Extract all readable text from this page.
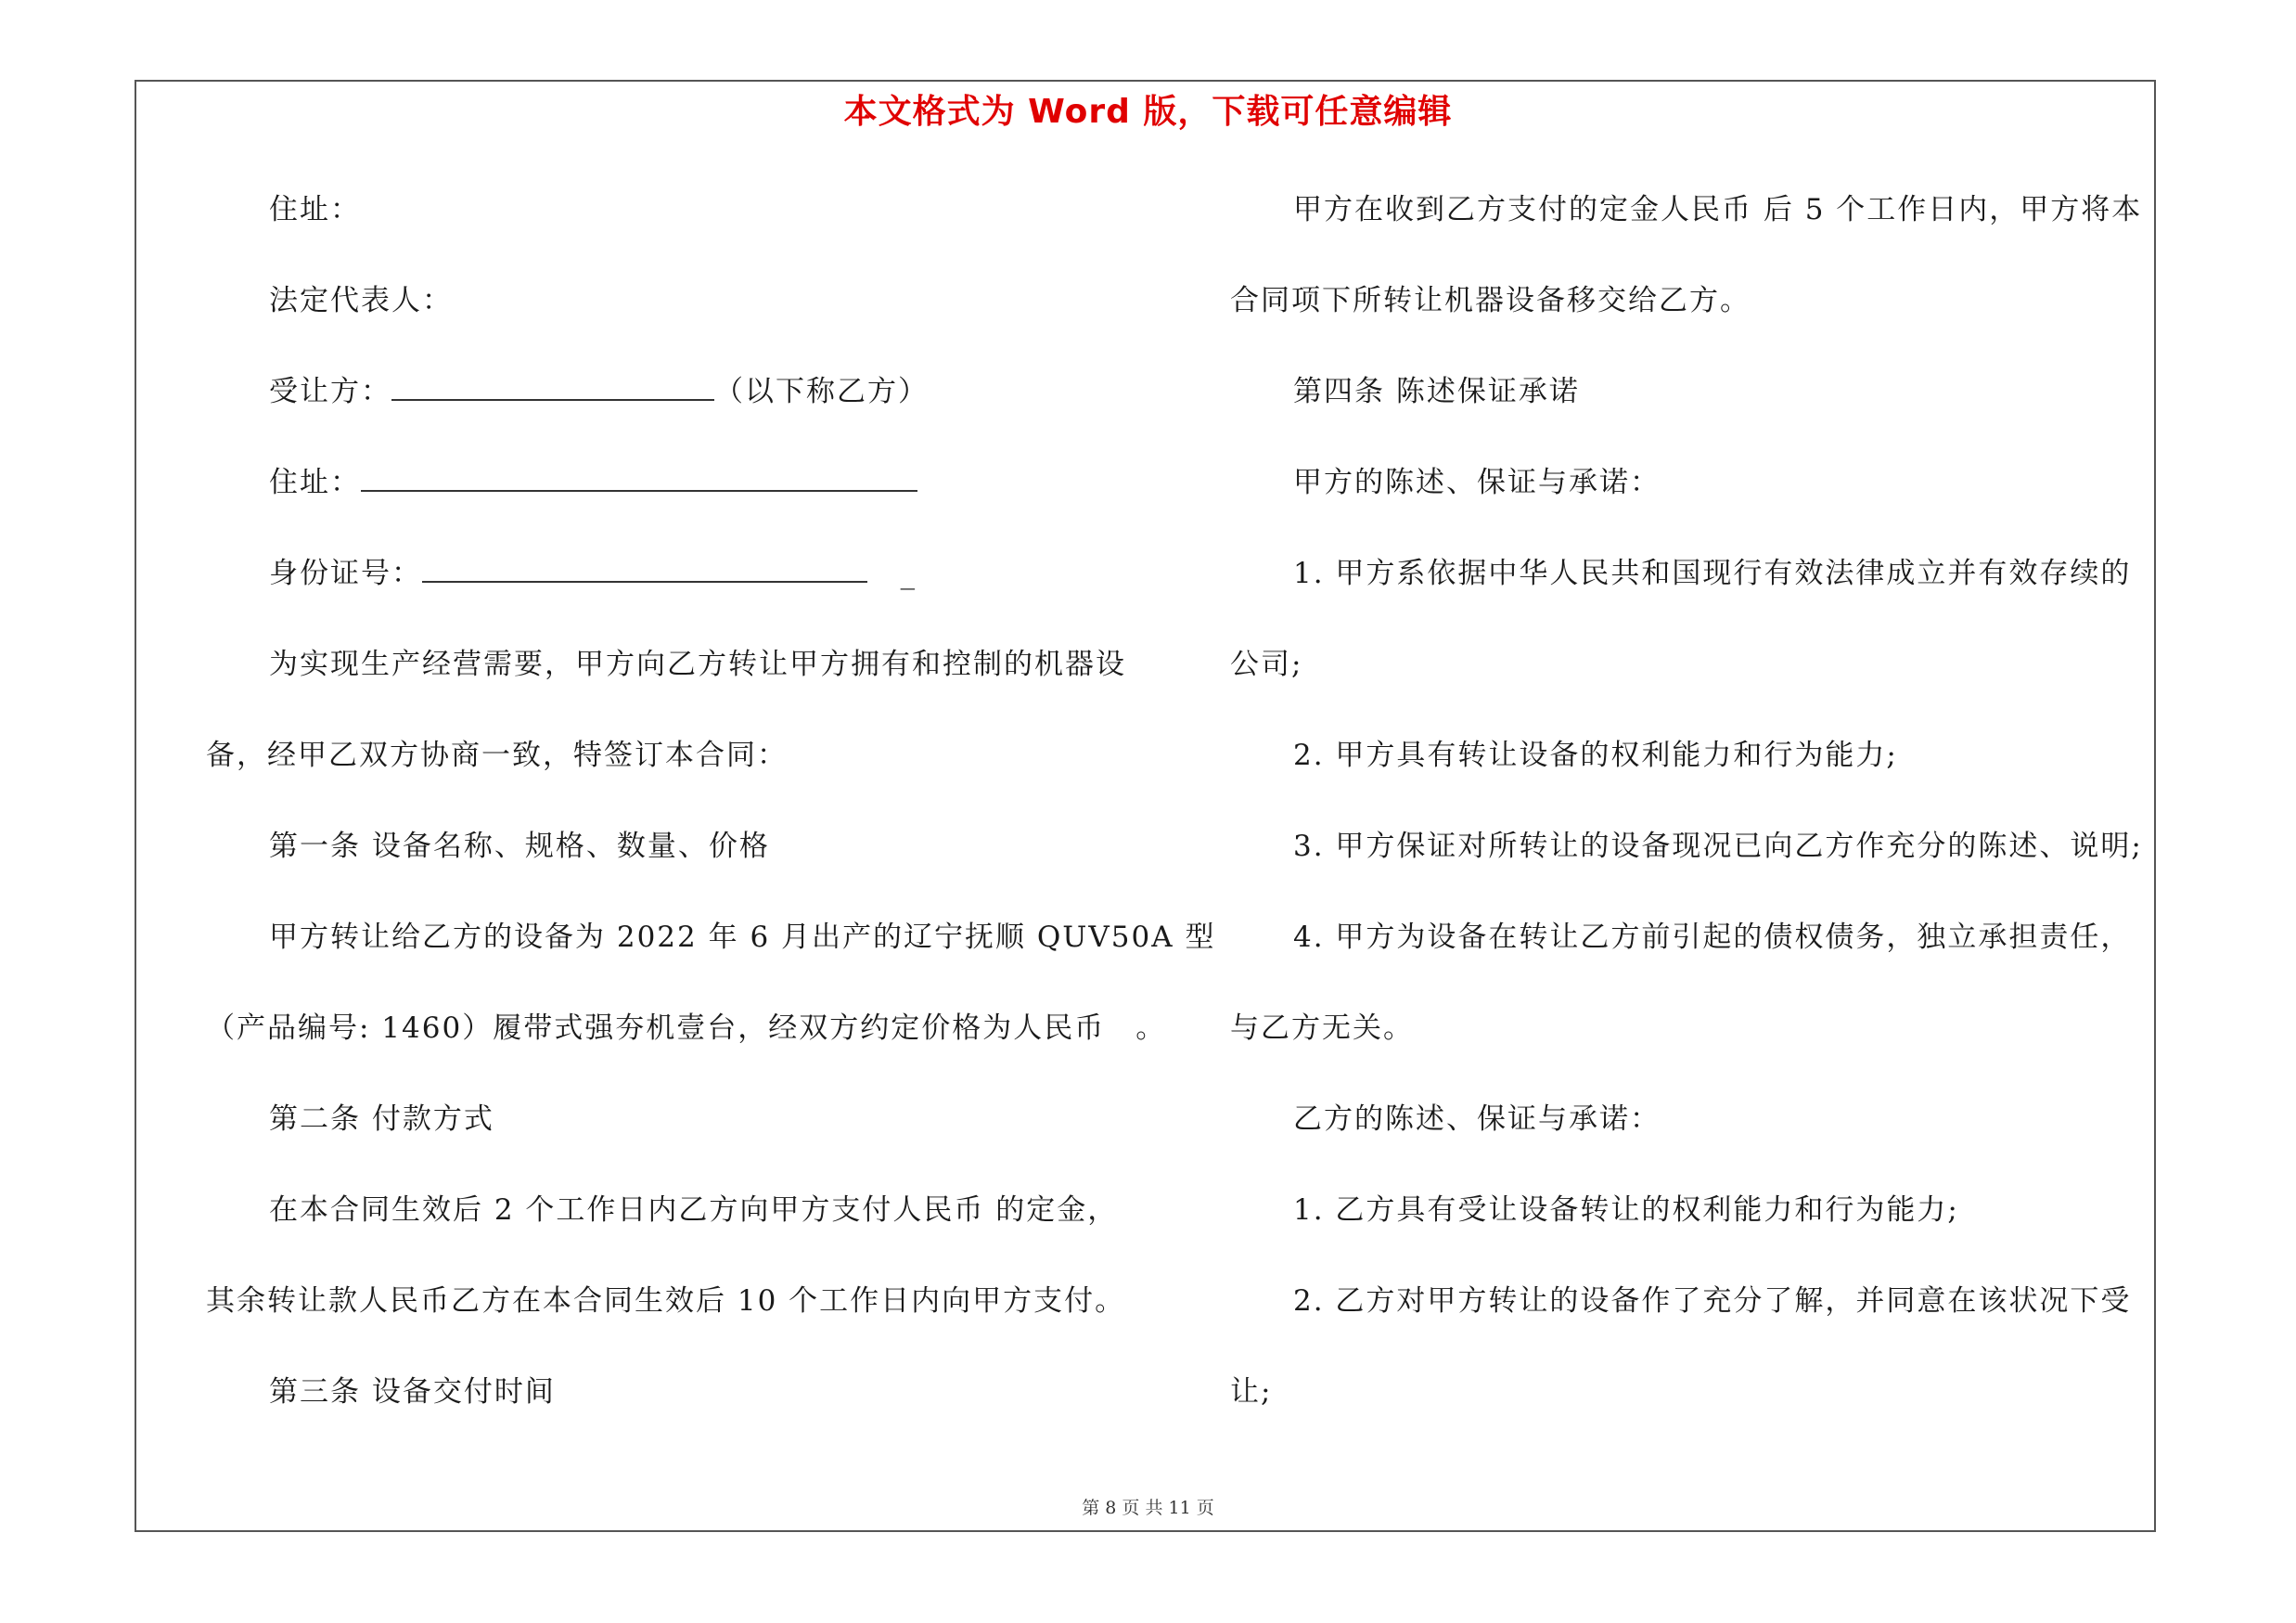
本文格式为 Word 版，下载可任意编辑
住址：
法定代表人：
受让方：	（以下称乙方）
住址：
身份证号：	_
为实现生产经营需要，甲方向乙方转让甲方拥有和控制的机器设
备，经甲乙双方协商一致，特签订本合同：
第一条 设备名称、规格、数量、价格
甲方转让给乙方的设备为 2022 年 6 月出产的辽宁抚顺 QUV50A 型
（产品编号: 1460）履带式强夯机壹台，经双方约定价格为人民币　。
第二条 付款方式
在本合同生效后 2 个工作日内乙方向甲方支付人民币 的定金，
其余转让款人民币乙方在本合同生效后 10 个工作日内向甲方支付。
第三条 设备交付时间
甲方在收到乙方支付的定金人民币 后 5 个工作日内，甲方将本
合同项下所转让机器设备移交给乙方。
第四条 陈述保证承诺
甲方的陈述、保证与承诺：
1. 甲方系依据中华人民共和国现行有效法律成立并有效存续的
公司;
2. 甲方具有转让设备的权利能力和行为能力;
3. 甲方保证对所转让的设备现况已向乙方作充分的陈述、说明;
4. 甲方为设备在转让乙方前引起的债权债务，独立承担责任，
与乙方无关。
乙方的陈述、保证与承诺：
1. 乙方具有受让设备转让的权利能力和行为能力;
2. 乙方对甲方转让的设备作了充分了解，并同意在该状况下受
让;
第 8 页 共 11 页
